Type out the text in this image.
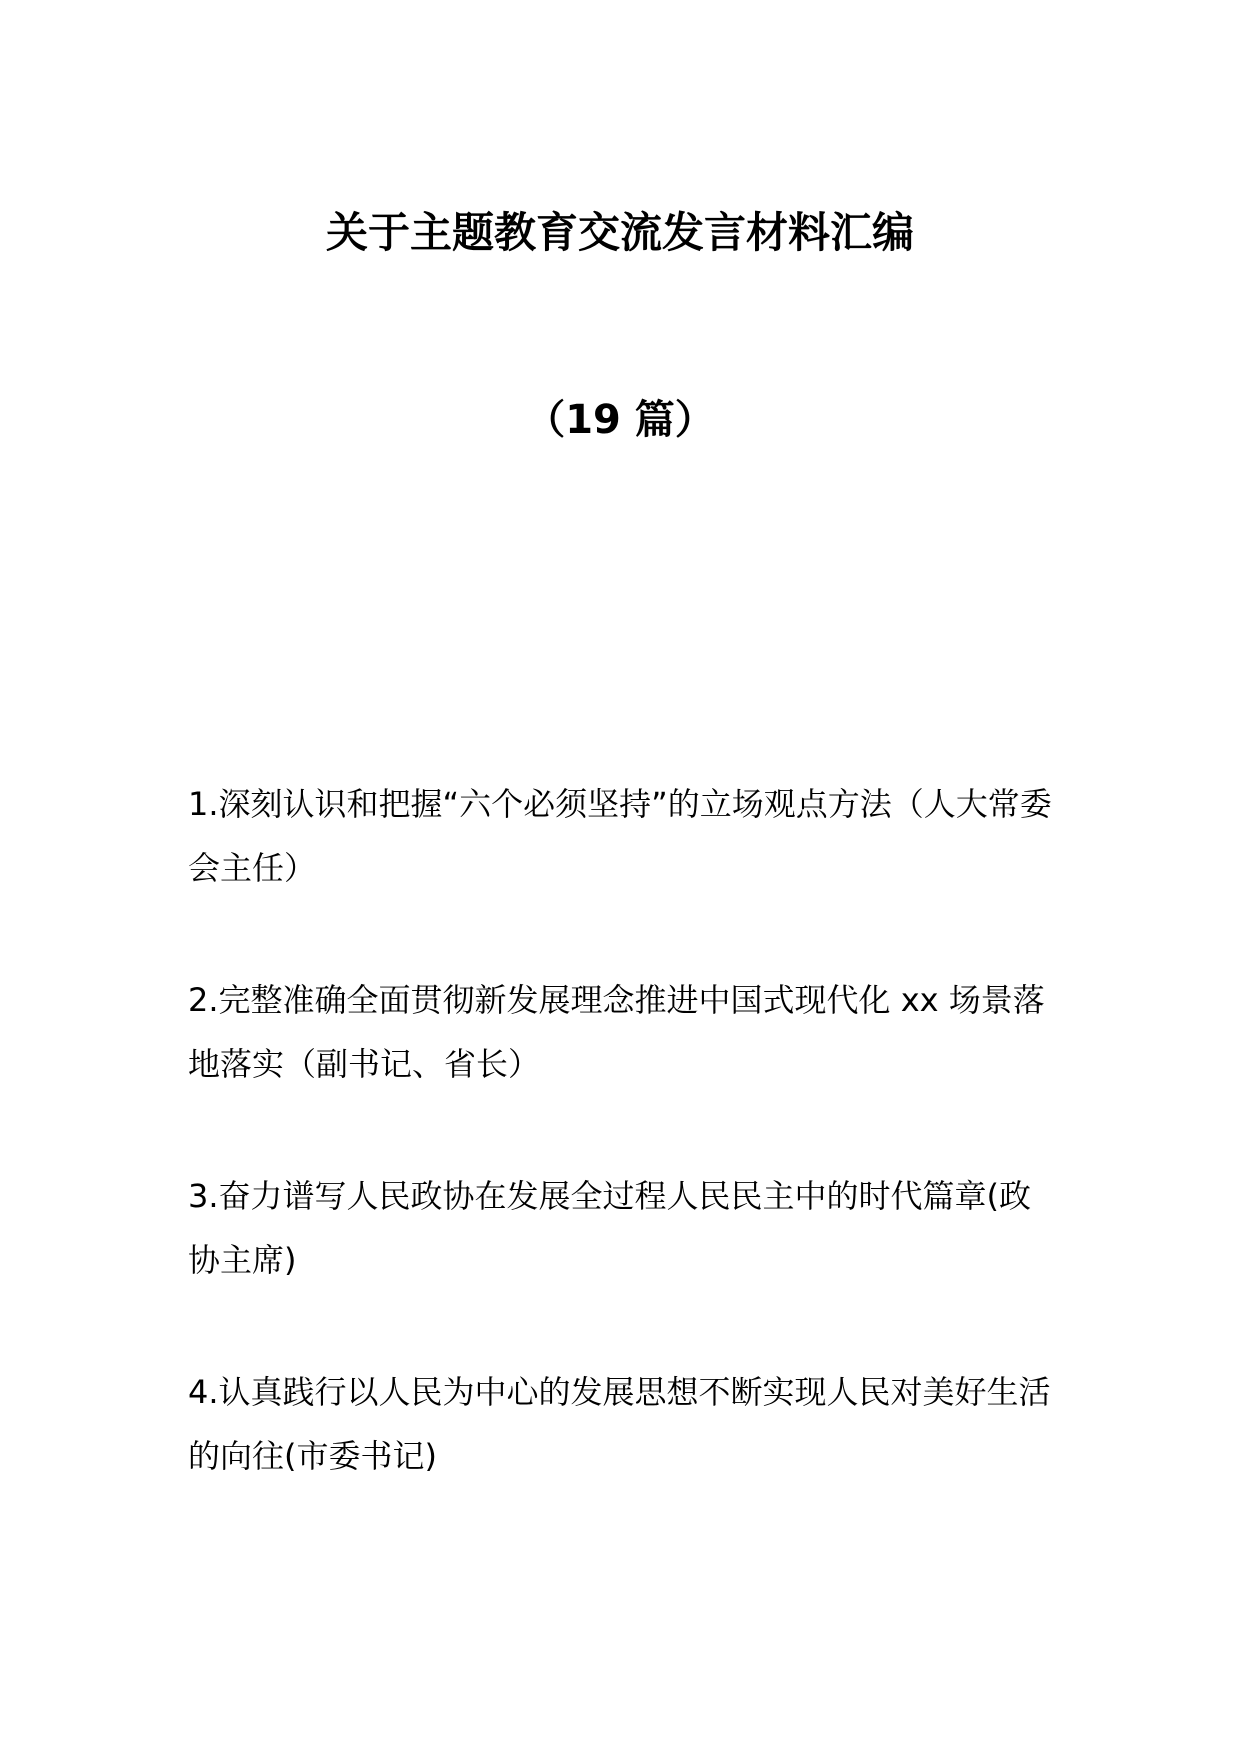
关于主题教育交流发言材料汇编
（19 篇）
1.深刻认识和把握“六个必须坚持”的立场观点方法（人大常委会主任）
2.完整准确全面贯彻新发展理念推进中国式现代化 xx 场景落地落实（副书记、省长）
3.奋力谱写人民政协在发展全过程人民民主中的时代篇章(政协主席)
4.认真践行以人民为中心的发展思想不断实现人民对美好生活的向往(市委书记)
